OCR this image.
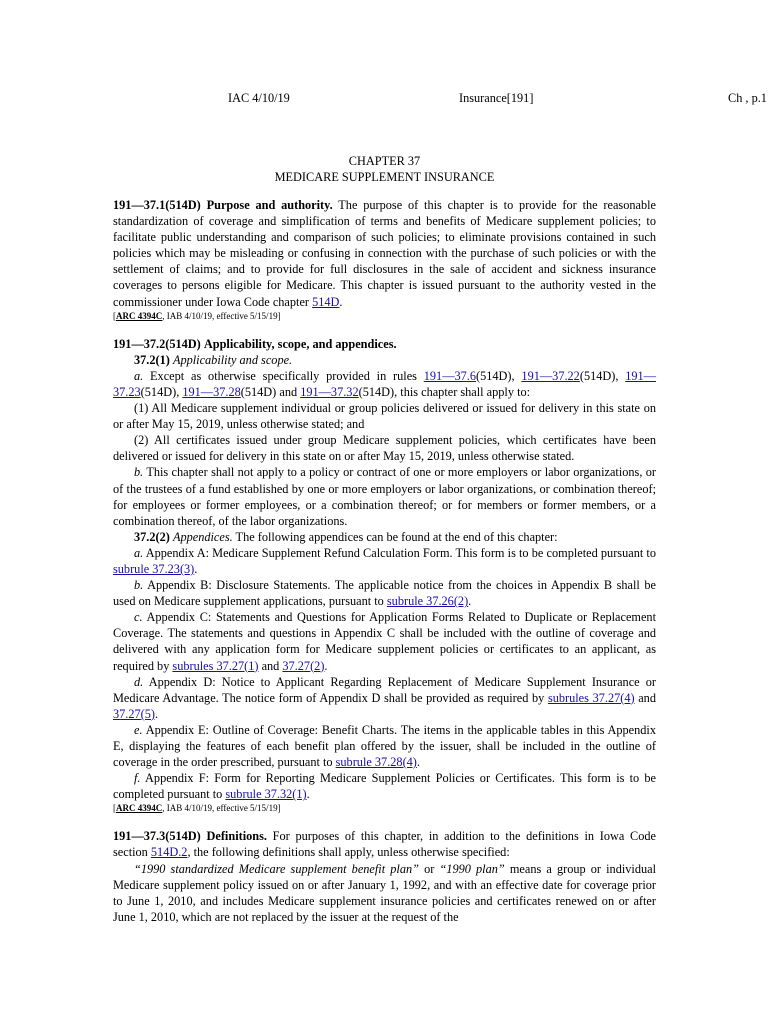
IAC 4/10/19	Insurance[191]	Ch , p.1
CHAPTER 37
MEDICARE SUPPLEMENT INSURANCE

191—37.1(514D) Purpose and authority. The purpose of this chapter is to provide for the reasonable standardization of coverage and simplification of terms and benefits of Medicare supplement policies; to facilitate public understanding and comparison of such policies; to eliminate provisions contained in such policies which may be misleading or confusing in connection with the purchase of such policies or with the settlement of claims; and to provide for full disclosures in the sale of accident and sickness insurance coverages to persons eligible for Medicare. This chapter is issued pursuant to the authority vested in the commissioner under Iowa Code chapter 514D.

[ARC 4394C, IAB 4/10/19, effective 5/15/19]

191—37.2(514D) Applicability, scope, and appendices.

37.2(1) Applicability and scope.

a. Except as otherwise specifically provided in rules 191—37.6(514D), 191—37.22(514D), 191—37.23(514D), 191—37.28(514D) and 191—37.32(514D), this chapter shall apply to:

(1) All Medicare supplement individual or group policies delivered or issued for delivery in this state on or after May 15, 2019, unless otherwise stated; and

(2) All certificates issued under group Medicare supplement policies, which certificates have been delivered or issued for delivery in this state on or after May 15, 2019, unless otherwise stated.

b. This chapter shall not apply to a policy or contract of one or more employers or labor organizations, or of the trustees of a fund established by one or more employers or labor organizations, or combination thereof; for employees or former employees, or a combination thereof; or for members or former members, or a combination thereof, of the labor organizations.

37.2(2) Appendices. The following appendices can be found at the end of this chapter:

a. Appendix A: Medicare Supplement Refund Calculation Form. This form is to be completed pursuant to subrule 37.23(3).

b. Appendix B: Disclosure Statements. The applicable notice from the choices in Appendix B shall be used on Medicare supplement applications, pursuant to subrule 37.26(2).

c. Appendix C: Statements and Questions for Application Forms Related to Duplicate or Replacement Coverage. The statements and questions in Appendix C shall be included with the outline of coverage and delivered with any application form for Medicare supplement policies or certificates to an applicant, as required by subrules 37.27(1) and 37.27(2).

d. Appendix D: Notice to Applicant Regarding Replacement of Medicare Supplement Insurance or Medicare Advantage. The notice form of Appendix D shall be provided as required by subrules 37.27(4) and 37.27(5).

e. Appendix E: Outline of Coverage: Benefit Charts. The items in the applicable tables in this Appendix E, displaying the features of each benefit plan offered by the issuer, shall be included in the outline of coverage in the order prescribed, pursuant to subrule 37.28(4).

f. Appendix F: Form for Reporting Medicare Supplement Policies or Certificates. This form is to be completed pursuant to subrule 37.32(1).

[ARC 4394C, IAB 4/10/19, effective 5/15/19]

191—37.3(514D) Definitions. For purposes of this chapter, in addition to the definitions in Iowa Code section 514D.2, the following definitions shall apply, unless otherwise specified:

“1990 standardized Medicare supplement benefit plan” or “1990 plan” means a group or individual Medicare supplement policy issued on or after January 1, 1992, and with an effective date for coverage prior to June 1, 2010, and includes Medicare supplement insurance policies and certificates renewed on or after June 1, 2010, which are not replaced by the issuer at the request of the
